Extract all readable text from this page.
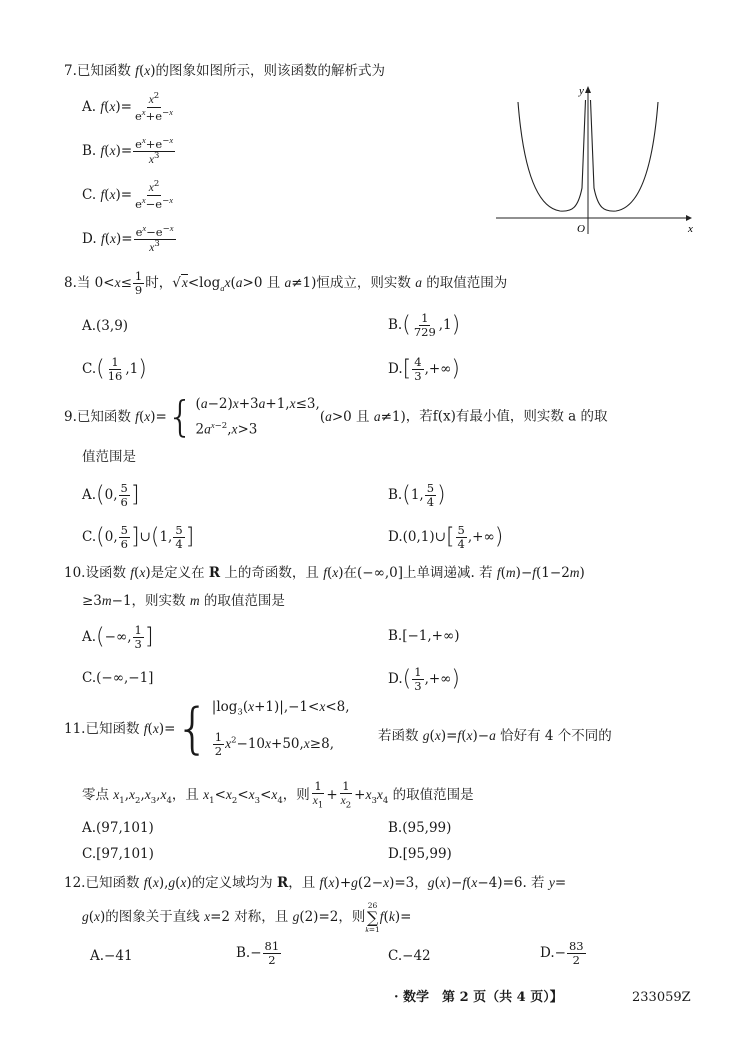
7.已知函数 f(x)的图象如图所示，则该函数的解析式为
A. $f(x)= \frac{x^2}{e^x+e^{-x}}$
B. $f(x)= \frac{e^x+e^{-x}}{x^3}$
C. $f(x)= \frac{x^2}{e^x-e^{-x}}$
D. $f(x)= \frac{e^x-e^{-x}}{x^3}$
y
x
O
8.当 $0<x\le \frac{1}{9}$ 时，$√x<\log_ax(a>0$ 且 a≠1)恒成立，则实数 a 的取值范围为
A.(3,9)	$B.( \frac{1}{729} ,1)$
$C.( \frac{1}{16} ,1)$	$D.[ \frac{4}{3}$ ,+∞)
9.已知函数 f(x)= { (a−2)x+3a+1,x≤3,
$2a^{x-2},x>3$
(a>0 且 a≠1)，若f(x)有最小值，则实数 a 的取
值范围是
A.(0, $\frac{5}{6}$ ]	B.(1, $\frac{5}{4}$ )
C.(0, $\frac{5}{6}$ ]∪(1, $\frac{5}{4}$ ]	D.(0,1)∪[ $\frac{5}{4}$ ,+∞)
10.设函数 f(x)是定义在 R 上的奇函数，且 f(x)在(−∞,0]上单调递减. 若 f(m)−f(1−2m)
≥3m−1，则实数 m 的取值范围是
A.(−∞, $\frac{1}{3}$ ]	B.[−1,+∞)
C.(−∞,−1]	$D.( \frac{1}{3}$ ,+∞)
11.已知函数 f(x)= { $|\log_3(x+1)|,-1<x<8$,
$\frac{1}{2} x^2-10x+50,x\ge 8$,
若函数 g(x)=f(x)−a 恰好有 4 个不同的
零点 $x_1,x_2,x_3,x_4$，且 $x_1<x_2<x_3<x_4$，则 $\frac{1}{x_1} + \frac{1}{x_2} +x_3x_4$ 的取值范围是
A.(97,101)	B.(95,99)
C.[97,101)	D.[95,99)
12.已知函数 f(x),g(x)的定义域均为 R，且 f(x)+g(2−x)=3，g(x)−f(x−4)=6. 若 y=
g(x)的图象关于直线 x=2 对称，且 g(2)=2，则
26
∑
k=1
f(k)=
A.−41	$B.- \frac{81}{2}$	C.−42	$D.- \frac{83}{2}$
· 数学　第 2 页（共 4 页）】	233059Z
